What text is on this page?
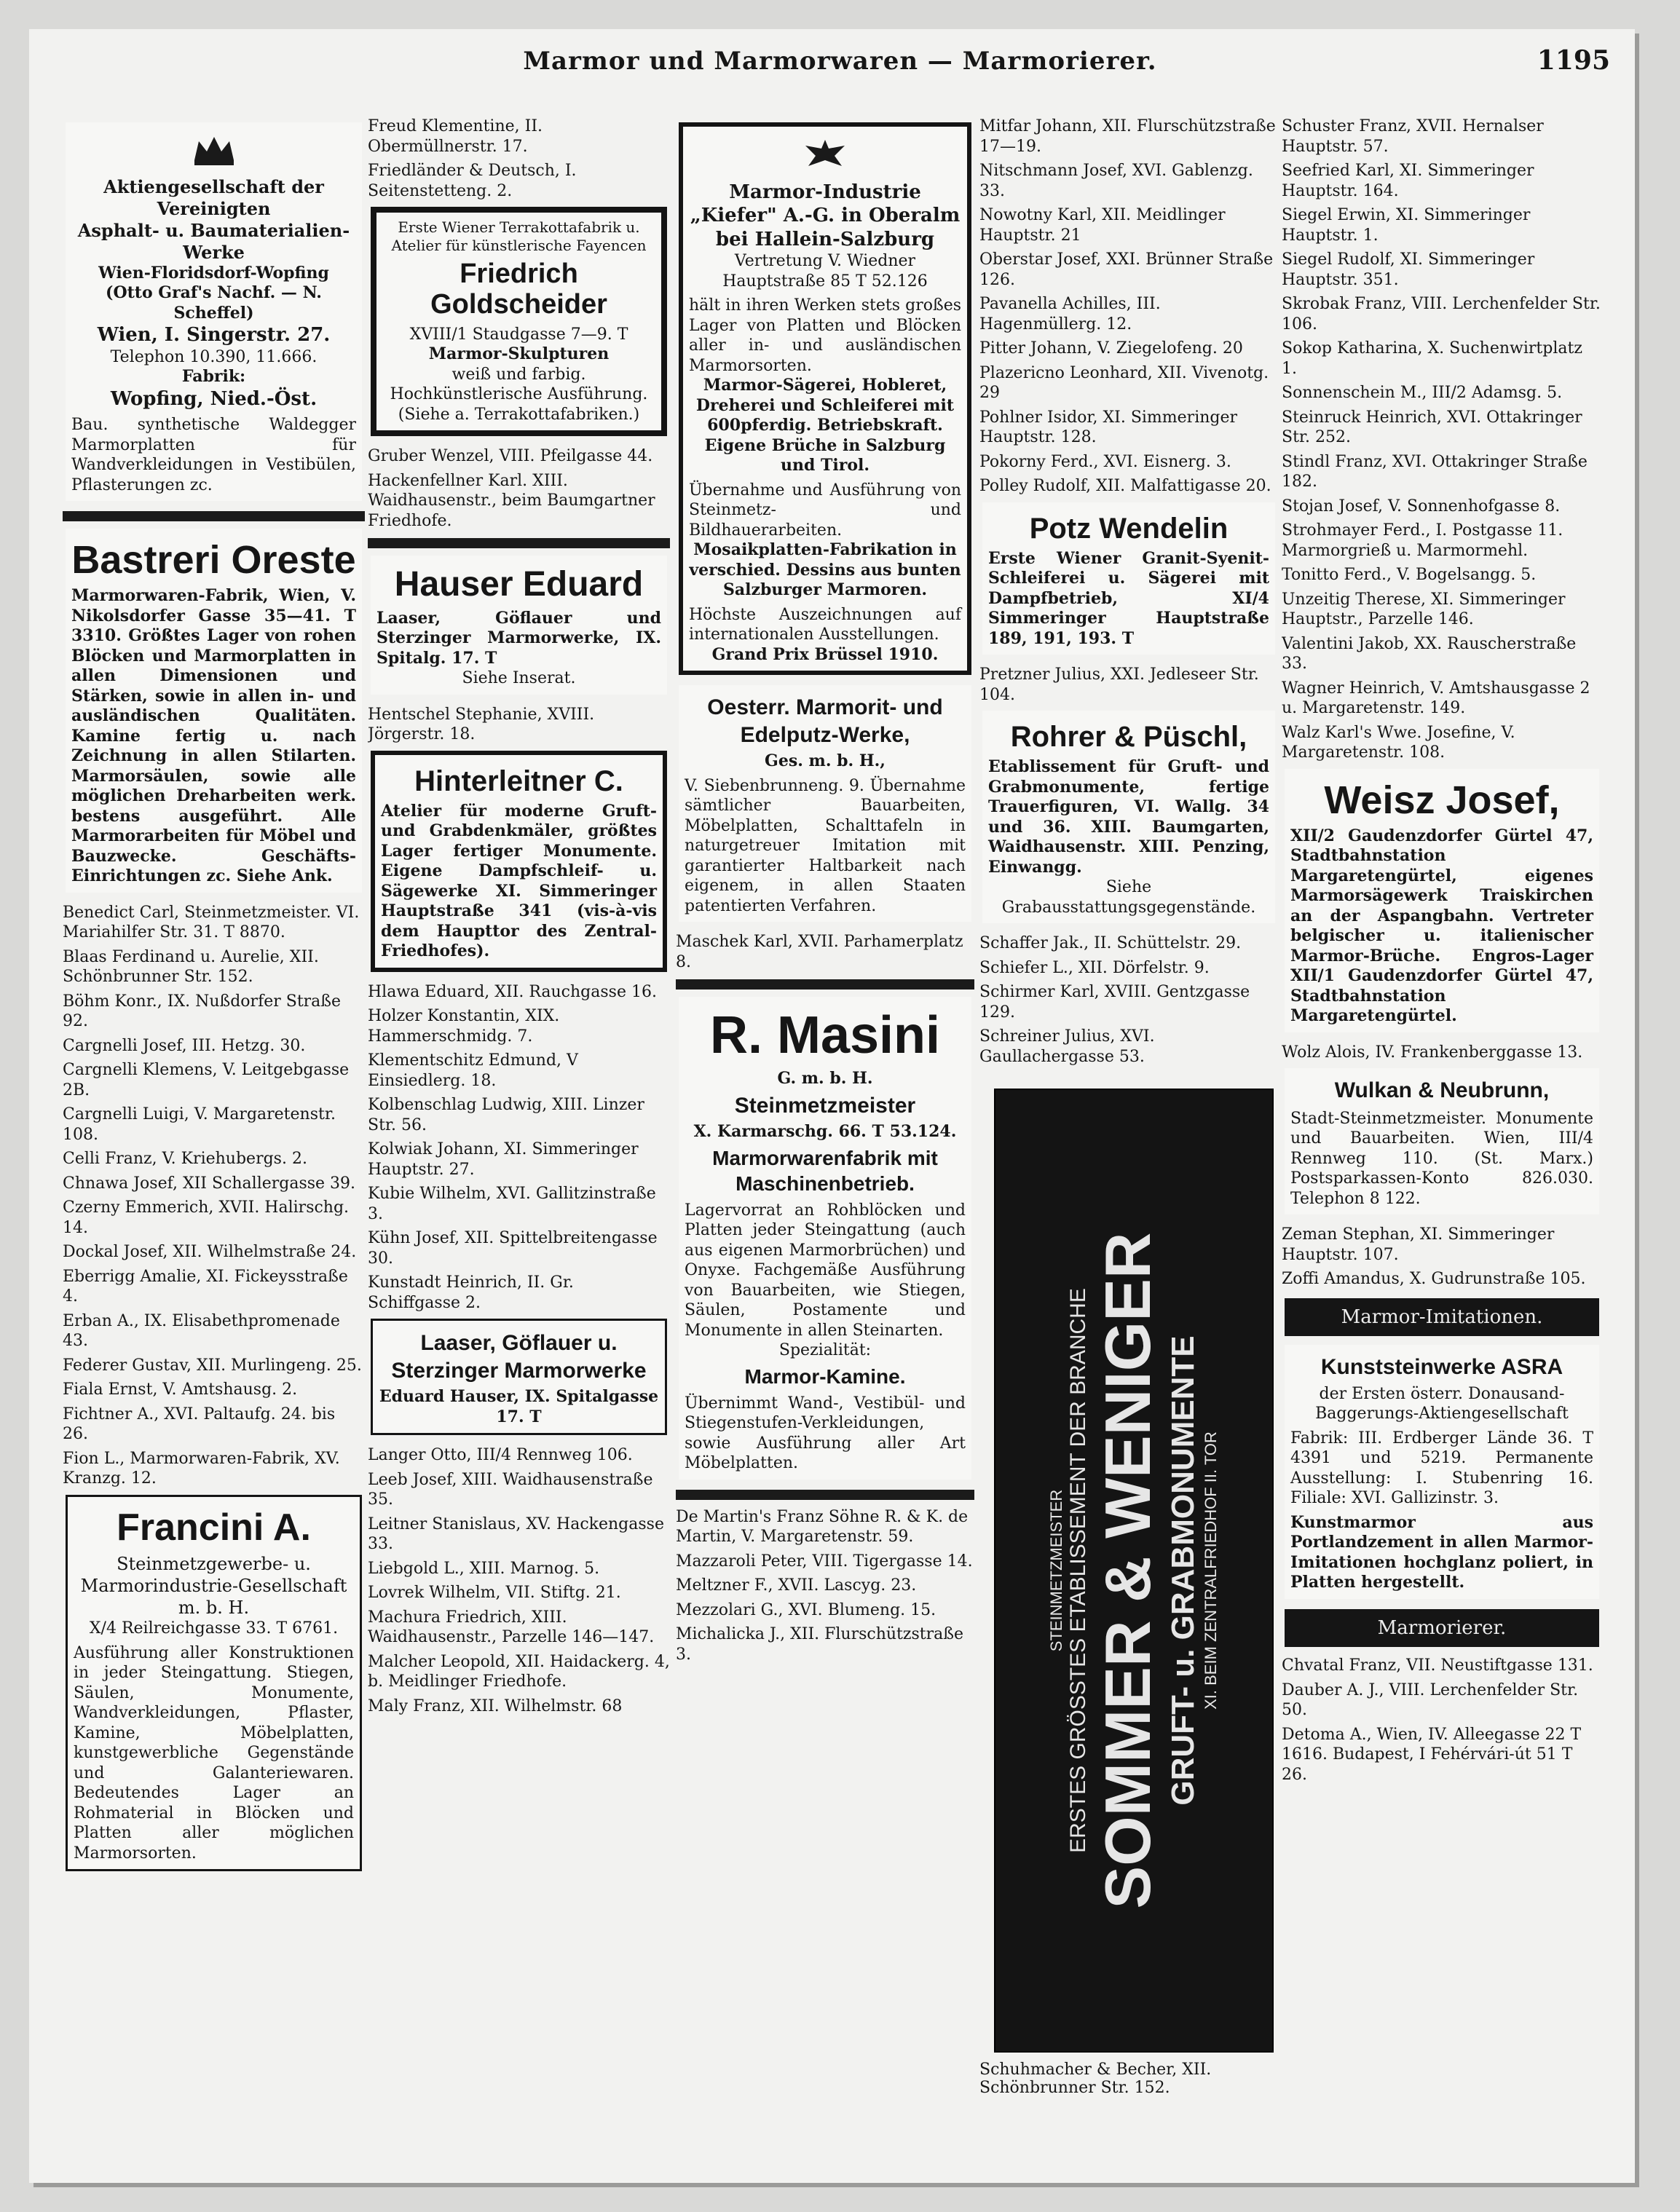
Marmor und Marmorwaren — Marmorierer.	1195
Aktiengesellschaft der Vereinigten
Asphalt- u. Baumaterialien-Werke
Wien-Floridsdorf-Wopfing
(Otto Graf's Nachf. — N. Scheffel)
Wien, I. Singerstr. 27.
Telephon 10.390, 11.666.
Fabrik:
Wopfing, Nied.-Öst.
Bau. synthetische Waldegger Marmorplatten für Wandverkleidungen in Vestibülen, Pflasterungen zc.
Bastreri Oreste
Marmorwaren-Fabrik, Wien, V. Nikolsdorfer Gasse 35—41. T 3310. Größtes Lager von rohen Blöcken und Marmorplatten in allen Dimensionen und Stärken, sowie in allen in- und ausländischen Qualitäten. Kamine fertig u. nach Zeichnung in allen Stilarten. Marmorsäulen, sowie alle möglichen Dreharbeiten werk. bestens ausgeführt. Alle Marmorarbeiten für Möbel und Bauzwecke. Geschäfts-Einrichtungen zc. Siehe Ank.
Benedict Carl, Steinmetzmeister. VI. Mariahilfer Str. 31. T 8870.
Blaas Ferdinand u. Aurelie, XII. Schönbrunner Str. 152.
Böhm Konr., IX. Nußdorfer Straße 92.
Cargnelli Josef, III. Hetzg. 30.
Cargnelli Klemens, V. Leitgebgasse 2B.
Cargnelli Luigi, V. Margaretenstr. 108.
Celli Franz, V. Kriehubergs. 2.
Chnawa Josef, XII Schallergasse 39.
Czerny Emmerich, XVII. Halirschg. 14.
Dockal Josef, XII. Wilhelmstraße 24.
Eberrigg Amalie, XI. Fickeysstraße 4.
Erban A., IX. Elisabethpromenade 43.
Federer Gustav, XII. Murlingeng. 25.
Fiala Ernst, V. Amtshausg. 2.
Fichtner A., XVI. Paltaufg. 24. bis 26.
Fion L., Marmorwaren-Fabrik, XV. Kranzg. 12.
Francini A.
Steinmetzgewerbe- u. Marmorindustrie-Gesellschaft m. b. H.
X/4 Reilreichgasse 33. T 6761.
Ausführung aller Konstruktionen in jeder Steingattung. Stiegen, Säulen, Monumente, Wandverkleidungen, Pflaster, Kamine, Möbelplatten, kunstgewerbliche Gegenstände und Galanteriewaren. Bedeutendes Lager an Rohmaterial in Blöcken und Platten aller möglichen Marmorsorten.
Freud Klementine, II. Obermüllnerstr. 17.
Friedländer & Deutsch, I. Seitenstetteng. 2.
Erste Wiener Terrakottafabrik u. Atelier für künstlerische Fayencen
Friedrich Goldscheider
XVIII/1 Staudgasse 7—9. T
Marmor-Skulpturen
weiß und farbig.
Hochkünstlerische Ausführung.
(Siehe a. Terrakottafabriken.)
Gruber Wenzel, VIII. Pfeilgasse 44.
Hackenfellner Karl. XIII. Waidhausenstr., beim Baumgartner Friedhofe.
Hauser Eduard
Laaser, Göflauer und Sterzinger Marmorwerke, IX. Spitalg. 17. T
Siehe Inserat.
Hentschel Stephanie, XVIII. Jörgerstr. 18.
Hinterleitner C.
Atelier für moderne Gruft- und Grabdenkmäler, größtes Lager fertiger Monumente. Eigene Dampfschleif- u. Sägewerke XI. Simmeringer Hauptstraße 341 (vis-à-vis dem Haupttor des Zentral-Friedhofes).
Hlawa Eduard, XII. Rauchgasse 16.
Holzer Konstantin, XIX. Hammerschmidg. 7.
Klementschitz Edmund, V Einsiedlerg. 18.
Kolbenschlag Ludwig, XIII. Linzer Str. 56.
Kolwiak Johann, XI. Simmeringer Hauptstr. 27.
Kubie Wilhelm, XVI. Gallitzinstraße 3.
Kühn Josef, XII. Spittelbreitengasse 30.
Kunstadt Heinrich, II. Gr. Schiffgasse 2.
Laaser, Göflauer u. Sterzinger Marmorwerke
Eduard Hauser, IX. Spitalgasse 17. T
Langer Otto, III/4 Rennweg 106.
Leeb Josef, XIII. Waidhausenstraße 35.
Leitner Stanislaus, XV. Hackengasse 33.
Liebgold L., XIII. Marnog. 5.
Lovrek Wilhelm, VII. Stiftg. 21.
Machura Friedrich, XIII. Waidhausenstr., Parzelle 146—147.
Malcher Leopold, XII. Haidackerg. 4, b. Meidlinger Friedhofe.
Maly Franz, XII. Wilhelmstr. 68
Marmor-Industrie „Kiefer" A.-G. in Oberalm bei Hallein-Salzburg
Vertretung V. Wiedner Hauptstraße 85 T 52.126
hält in ihren Werken stets großes Lager von Platten und Blöcken aller in- und ausländischen Marmorsorten.
Marmor-Sägerei, Hobleret, Dreherei und Schleiferei mit 600pferdig. Betriebskraft.
Eigene Brüche in Salzburg und Tirol.
Übernahme und Ausführung von Steinmetz- und Bildhauerarbeiten.
Mosaikplatten-Fabrikation in verschied. Dessins aus bunten Salzburger Marmoren.
Höchste Auszeichnungen auf internationalen Ausstellungen.
Grand Prix Brüssel 1910.
Oesterr. Marmorit- und Edelputz-Werke,
Ges. m. b. H.,
V. Siebenbrunneng. 9. Übernahme sämtlicher Bauarbeiten, Möbelplatten, Schalttafeln in naturgetreuer Imitation mit garantierter Haltbarkeit nach eigenem, in allen Staaten patentierten Verfahren.
Maschek Karl, XVII. Parhamerplatz 8.
R. Masini
G. m. b. H.
Steinmetzmeister
X. Karmarschg. 66. T 53.124.
Marmorwarenfabrik mit Maschinenbetrieb.
Lagervorrat an Rohblöcken und Platten jeder Steingattung (auch aus eigenen Marmorbrüchen) und Onyxe. Fachgemäße Ausführung von Bauarbeiten, wie Stiegen, Säulen, Postamente und Monumente in allen Steinarten.
Spezialität:
Marmor-Kamine.
Übernimmt Wand-, Vestibül- und Stiegenstufen-Verkleidungen, sowie Ausführung aller Art Möbelplatten.
De Martin's Franz Söhne R. & K. de Martin, V. Margaretenstr. 59.
Mazzaroli Peter, VIII. Tigergasse 14.
Meltzner F., XVII. Lascyg. 23.
Mezzolari G., XVI. Blumeng. 15.
Michalicka J., XII. Flurschützstraße 3.
Mitfar Johann, XII. Flurschützstraße 17—19.
Nitschmann Josef, XVI. Gablenzg. 33.
Nowotny Karl, XII. Meidlinger Hauptstr. 21
Oberstar Josef, XXI. Brünner Straße 126.
Pavanella Achilles, III. Hagenmüllerg. 12.
Pitter Johann, V. Ziegelofeng. 20
Plazericno Leonhard, XII. Vivenotg. 29
Pohlner Isidor, XI. Simmeringer Hauptstr. 128.
Pokorny Ferd., XVI. Eisnerg. 3.
Polley Rudolf, XII. Malfattigasse 20.
Potz Wendelin
Erste Wiener Granit-Syenit-Schleiferei u. Sägerei mit Dampfbetrieb, XI/4 Simmeringer Hauptstraße 189, 191, 193. T
Pretzner Julius, XXI. Jedleseer Str. 104.
Rohrer & Püschl,
Etablissement für Gruft- und Grabmonumente, fertige Trauerfiguren, VI. Wallg. 34 und 36. XIII. Baumgarten, Waidhausenstr. XIII. Penzing, Einwangg.
Siehe Grabausstattungsgegenstände.
Schaffer Jak., II. Schüttelstr. 29.
Schiefer L., XII. Dörfelstr. 9.
Schirmer Karl, XVIII. Gentzgasse 129.
Schreiner Julius, XVI. Gaullachergasse 53.
STEINMETZMEISTER ERSTES GRÖSSTES ETABLISSEMENT DER BRANCHE SOMMER & WENIGER GRUFT- u. GRABMONUMENTE XI. BEIM ZENTRALFRIEDHOF II. TOR
Schuhmacher & Becher, XII. Schönbrunner Str. 152.
Schuster Franz, XVII. Hernalser Hauptstr. 57.
Seefried Karl, XI. Simmeringer Hauptstr. 164.
Siegel Erwin, XI. Simmeringer Hauptstr. 1.
Siegel Rudolf, XI. Simmeringer Hauptstr. 351.
Skrobak Franz, VIII. Lerchenfelder Str. 106.
Sokop Katharina, X. Suchenwirtplatz 1.
Sonnenschein M., III/2 Adamsg. 5.
Steinruck Heinrich, XVI. Ottakringer Str. 252.
Stindl Franz, XVI. Ottakringer Straße 182.
Stojan Josef, V. Sonnenhofgasse 8.
Strohmayer Ferd., I. Postgasse 11. Marmorgrieß u. Marmormehl.
Tonitto Ferd., V. Bogelsangg. 5.
Unzeitig Therese, XI. Simmeringer Hauptstr., Parzelle 146.
Valentini Jakob, XX. Rauscherstraße 33.
Wagner Heinrich, V. Amtshausgasse 2 u. Margaretenstr. 149.
Walz Karl's Wwe. Josefine, V. Margaretenstr. 108.
Weisz Josef,
XII/2 Gaudenzdorfer Gürtel 47, Stadtbahnstation Margaretengürtel, eigenes Marmorsägewerk Traiskirchen an der Aspangbahn. Vertreter belgischer u. italienischer Marmor-Brüche. Engros-Lager XII/1 Gaudenzdorfer Gürtel 47, Stadtbahnstation Margaretengürtel.
Wolz Alois, IV. Frankenberggasse 13.
Wulkan & Neubrunn,
Stadt-Steinmetzmeister. Monumente und Bauarbeiten. Wien, III/4 Rennweg 110. (St. Marx.) Postsparkassen-Konto 826.030. Telephon 8 122.
Zeman Stephan, XI. Simmeringer Hauptstr. 107.
Zoffi Amandus, X. Gudrunstraße 105.
Marmor-Imitationen.
Kunststeinwerke ASRA
der Ersten österr. Donausand-Baggerungs-Aktiengesellschaft
Fabrik: III. Erdberger Lände 36. T 4391 und 5219. Permanente Ausstellung: I. Stubenring 16. Filiale: XVI. Gallizinstr. 3.
Kunstmarmor aus Portlandzement in allen Marmor-Imitationen hochglanz poliert, in Platten hergestellt.
Marmorierer.
Chvatal Franz, VII. Neustiftgasse 131.
Dauber A. J., VIII. Lerchenfelder Str. 50.
Detoma A., Wien, IV. Alleegasse 22 T 1616. Budapest, I Fehérvári-út 51 T 26.
